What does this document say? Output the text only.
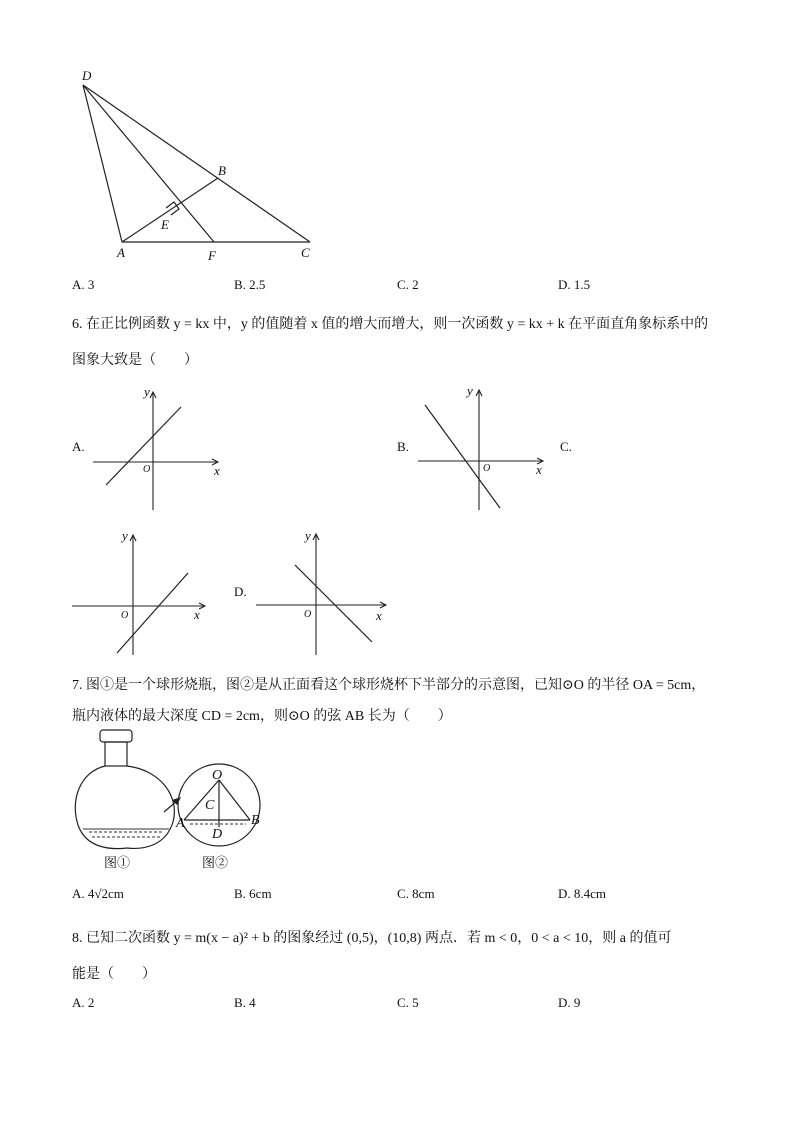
D
B
E
A	F	C
A. 3	B. 2.5	C. 2	D. 1.5
6. 在正比例函数 y = kx 中，y 的值随着 x 值的增大而增大，则一次函数 y = kx + k 在平面直角象标系中的
图象大致是（　　）
A.
y
x
O
B.
y
x
O
C.
y
x
O
D.
y
x
O
7. 图①是一个球形烧瓶，图②是从正面看这个球形烧杯下半部分的示意图，已知⊙O 的半径 OA = 5cm，
瓶内液体的最大深度 CD = 2cm，则⊙O 的弦 AB 长为（　　）
O
C
A	B
D
图①	图②
A. 4√2cm	B. 6cm	C. 8cm	D. 8.4cm
8. 已知二次函数 y = m(x − a)² + b 的图象经过 (0,5)，(10,8) 两点．若 m < 0，0 < a < 10，则 a 的值可
能是（　　）
A. 2	B. 4	C. 5	D. 9
